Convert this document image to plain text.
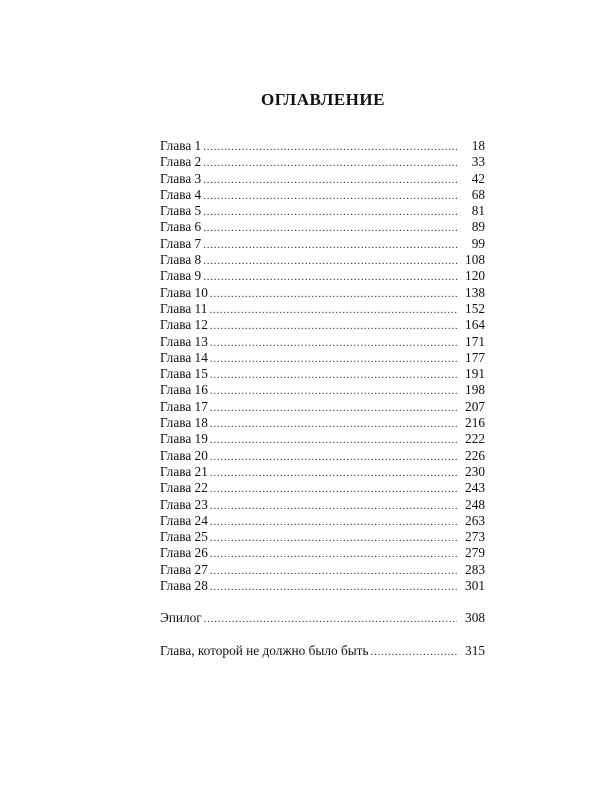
ОГЛАВЛЕНИЕ
Глава 1 . . .	18
Глава 2 . . .	33
Глава 3 . . .	42
Глава 4 . . .	68
Глава 5 . . .	81
Глава 6 . . .	89
Глава 7 . . .	99
Глава 8 . . .	108
Глава 9 . . .	120
Глава 10 . . .	138
Глава 11 . . .	152
Глава 12 . . .	164
Глава 13 . . .	171
Глава 14 . . .	177
Глава 15 . . .	191
Глава 16 . . .	198
Глава 17 . . .	207
Глава 18 . . .	216
Глава 19 . . .	222
Глава 20 . . .	226
Глава 21 . . .	230
Глава 22 . . .	243
Глава 23 . . .	248
Глава 24 . . .	263
Глава 25 . . .	273
Глава 26 . . .	279
Глава 27 . . .	283
Глава 28 . . .	301
Эпилог . . .	308
Глава, которой не должно было быть . . .	315
